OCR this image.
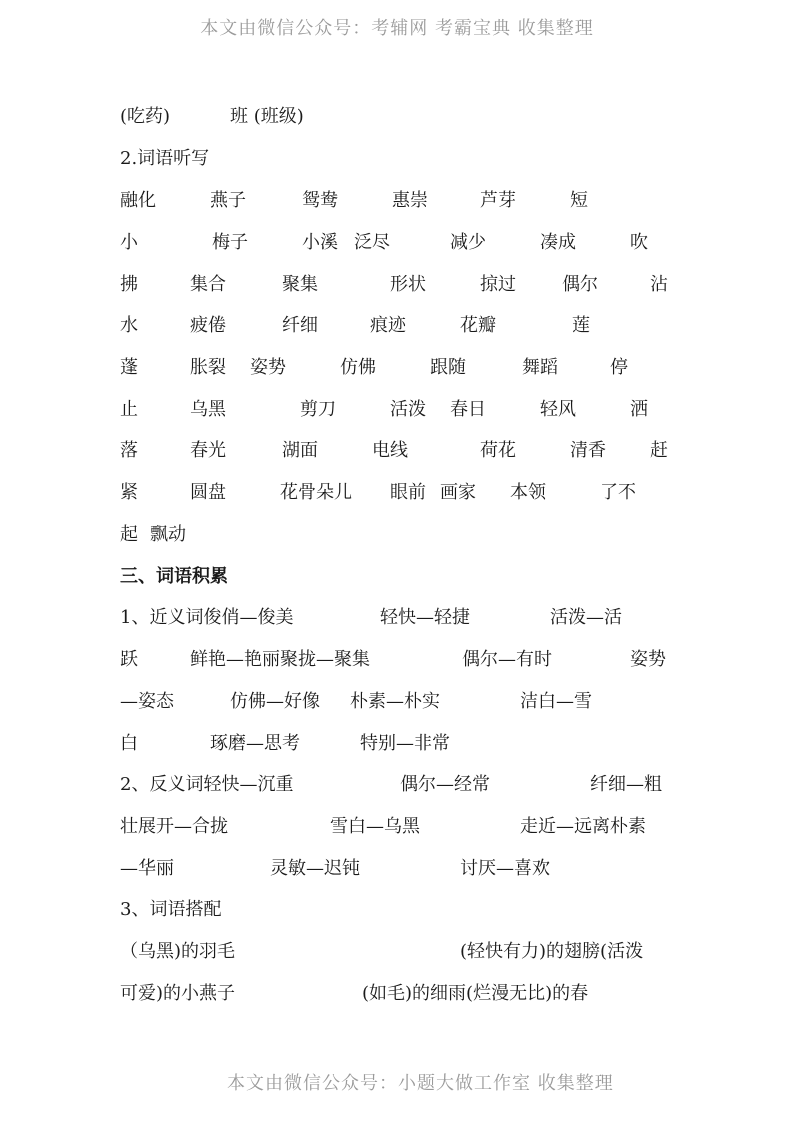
本文由微信公众号：考辅网 考霸宝典 收集整理
(吃药)	班 (班级)
2.词语听写
融化	燕子	鸳鸯	惠崇	芦芽	短
小	梅子	小溪 泛尽	减少	凑成	吹
拂	集合	聚集	形状	掠过	偶尔	沾
水	疲倦	纤细	痕迹	花瓣	莲
蓬	胀裂 姿势	仿佛	跟随	舞蹈	停
止	乌黑	剪刀	活泼 春日	轻风	洒
落	春光	湖面	电线	荷花	清香 赶
紧	圆盘	花骨朵儿 眼前 画家 本领	了不
起 飘动
三、词语积累
1、近义词俊俏—俊美	轻快—轻捷	活泼—活
跃	鲜艳—艳丽聚拢—聚集	偶尔—有时	姿势
—姿态	仿佛—好像 朴素—朴实	洁白—雪
白	琢磨—思考	特别—非常
2、反义词轻快—沉重	偶尔—经常	纤细—粗
壮展开—合拢	雪白—乌黑	走近—远离朴素
—华丽	灵敏—迟钝	讨厌—喜欢
3、词语搭配
（乌黑)的羽毛	(轻快有力)的翅膀(活泼
可爱)的小燕子	(如毛)的细雨(烂漫无比)的春
本文由微信公众号：小题大做工作室 收集整理
